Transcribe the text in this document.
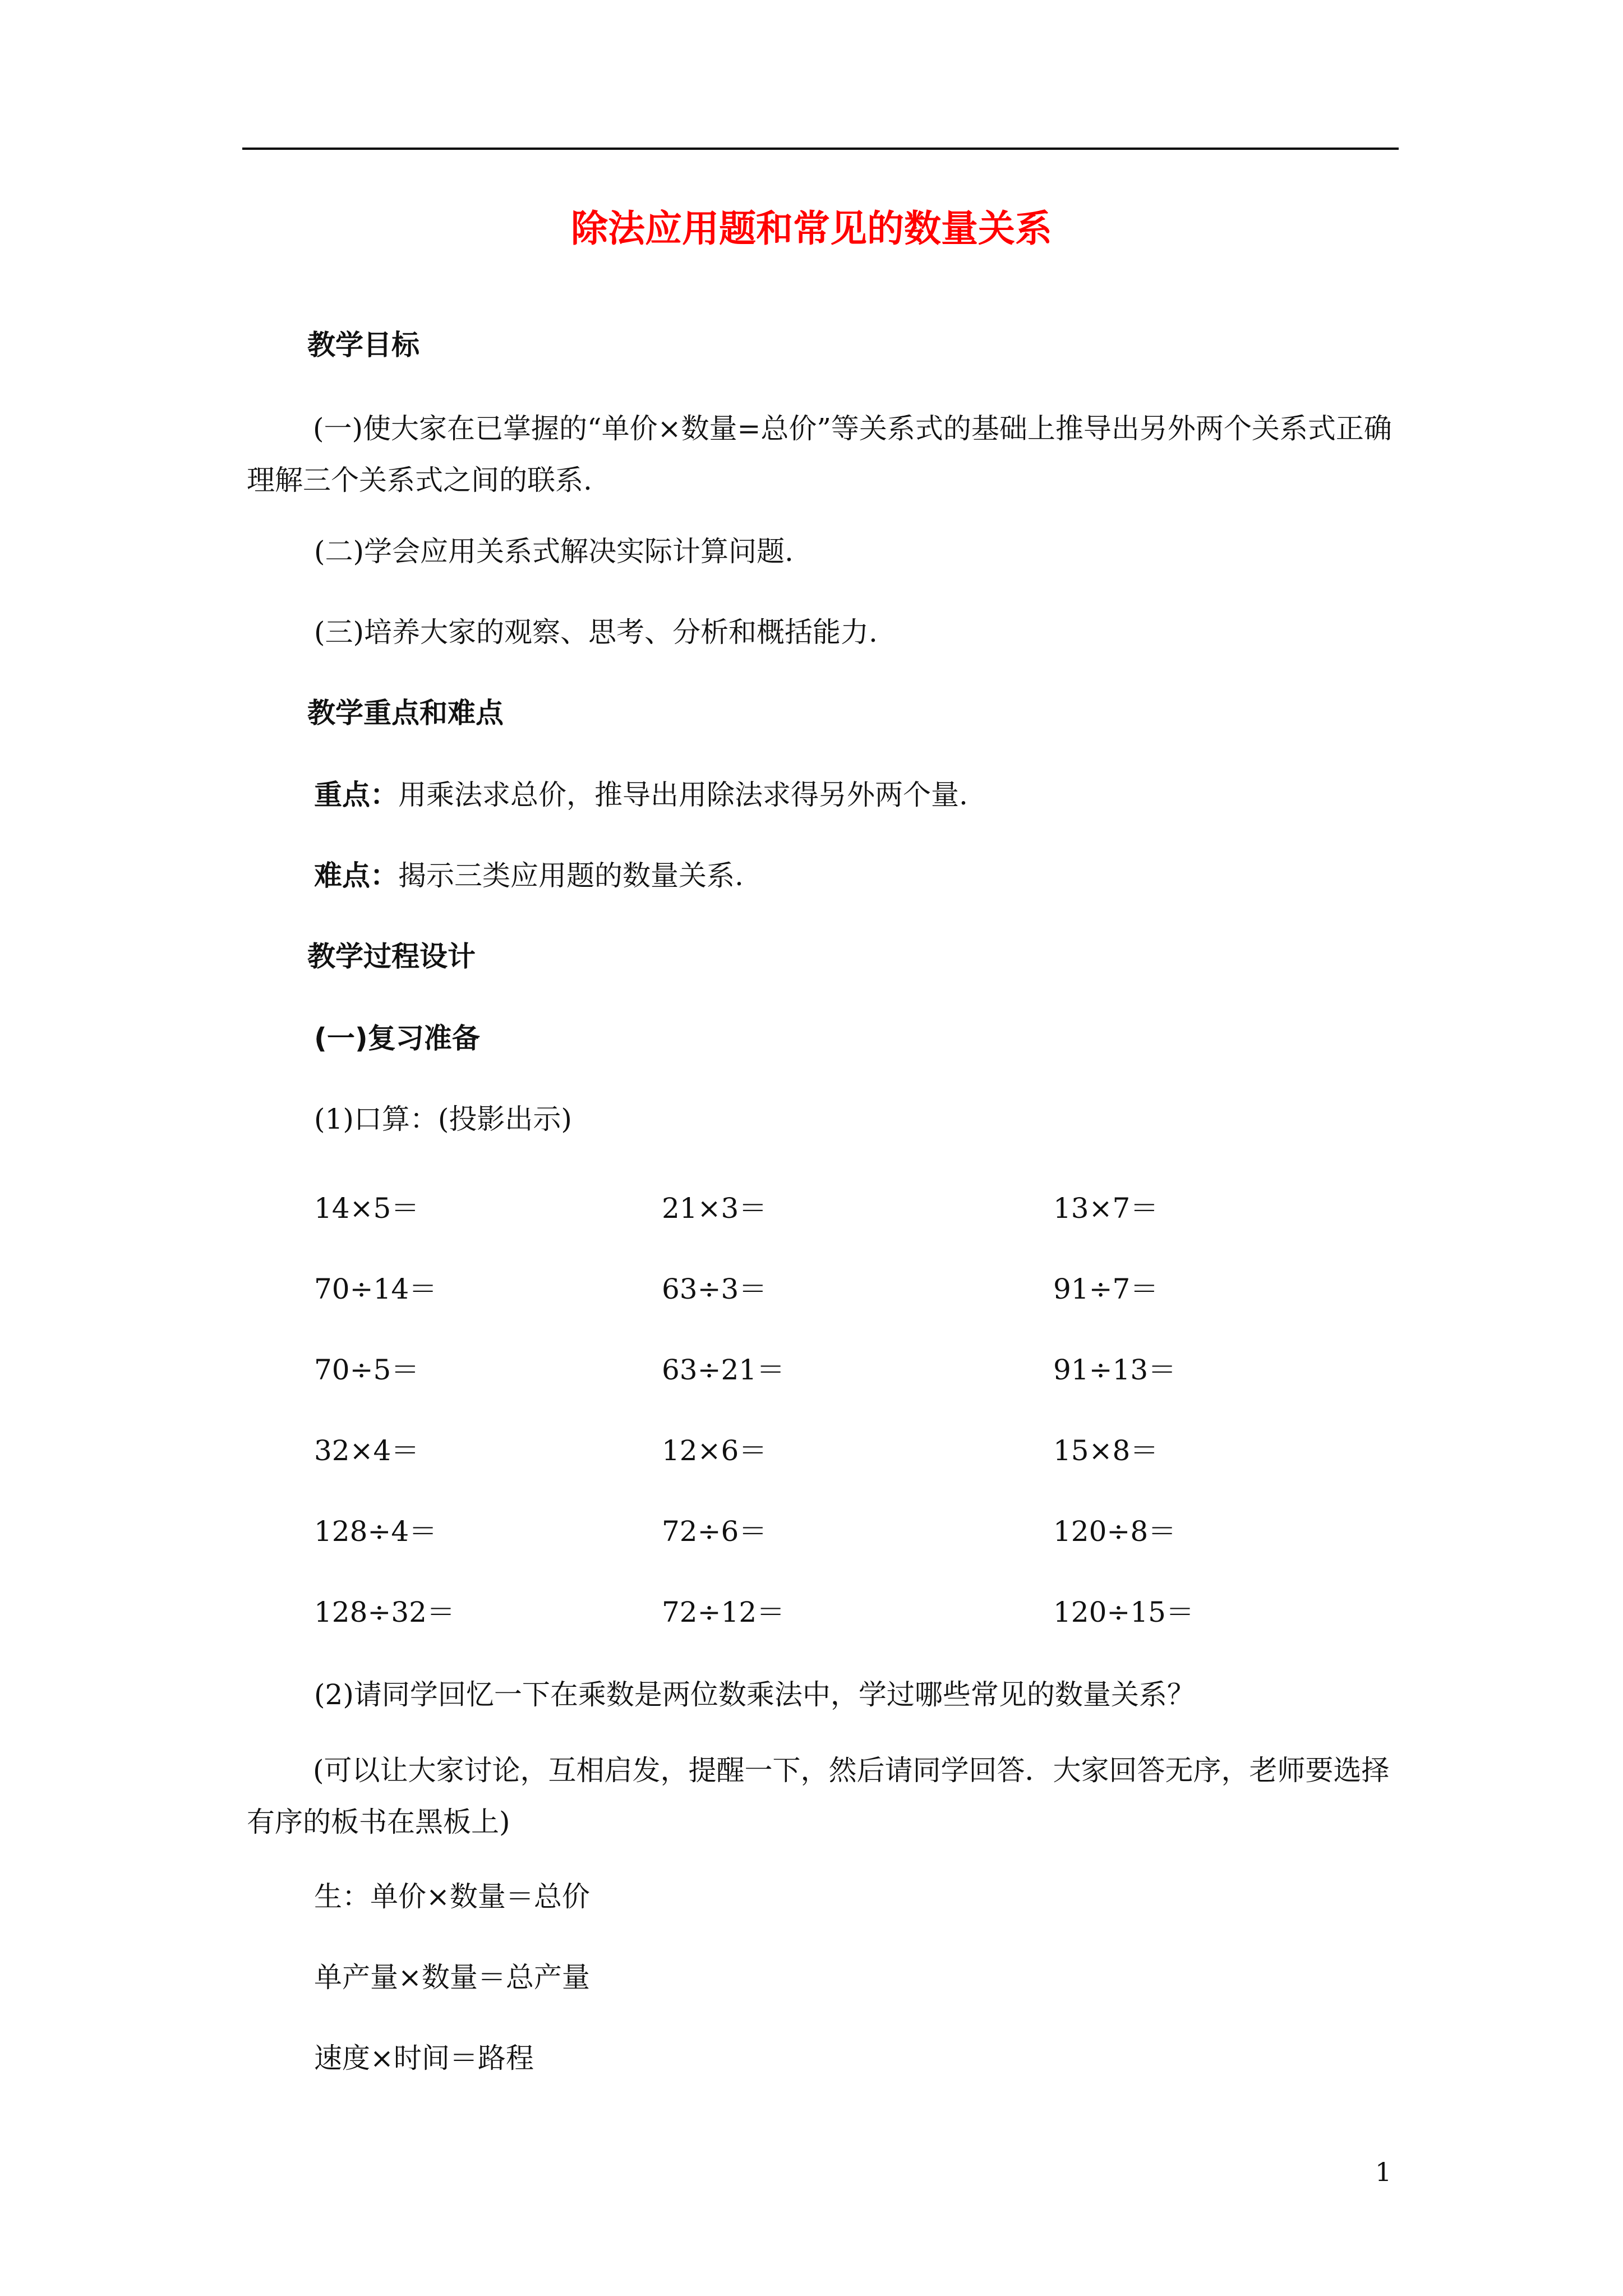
除法应用题和常见的数量关系
教学目标
(一)使大家在已掌握的“单价×数量=总价”等关系式的基础上推导出另外两个关系式正确理解三个关系式之间的联系.
(二)学会应用关系式解决实际计算问题.
(三)培养大家的观察、思考、分析和概括能力.
教学重点和难点
重点：用乘法求总价，推导出用除法求得另外两个量.
难点：揭示三类应用题的数量关系.
教学过程设计
(一)复习准备
(1)口算：(投影出示)
14×5＝	21×3＝	13×7＝
70÷14＝	63÷3＝	91÷7＝
70÷5＝	63÷21＝	91÷13＝
32×4＝	12×6＝	15×8＝
128÷4＝	72÷6＝	120÷8＝
128÷32＝	72÷12＝	120÷15＝
(2)请同学回忆一下在乘数是两位数乘法中，学过哪些常见的数量关系？
(可以让大家讨论，互相启发，提醒一下，然后请同学回答．大家回答无序，老师要选择有序的板书在黑板上)
生：单价×数量＝总价
单产量×数量＝总产量
速度×时间＝路程
1
